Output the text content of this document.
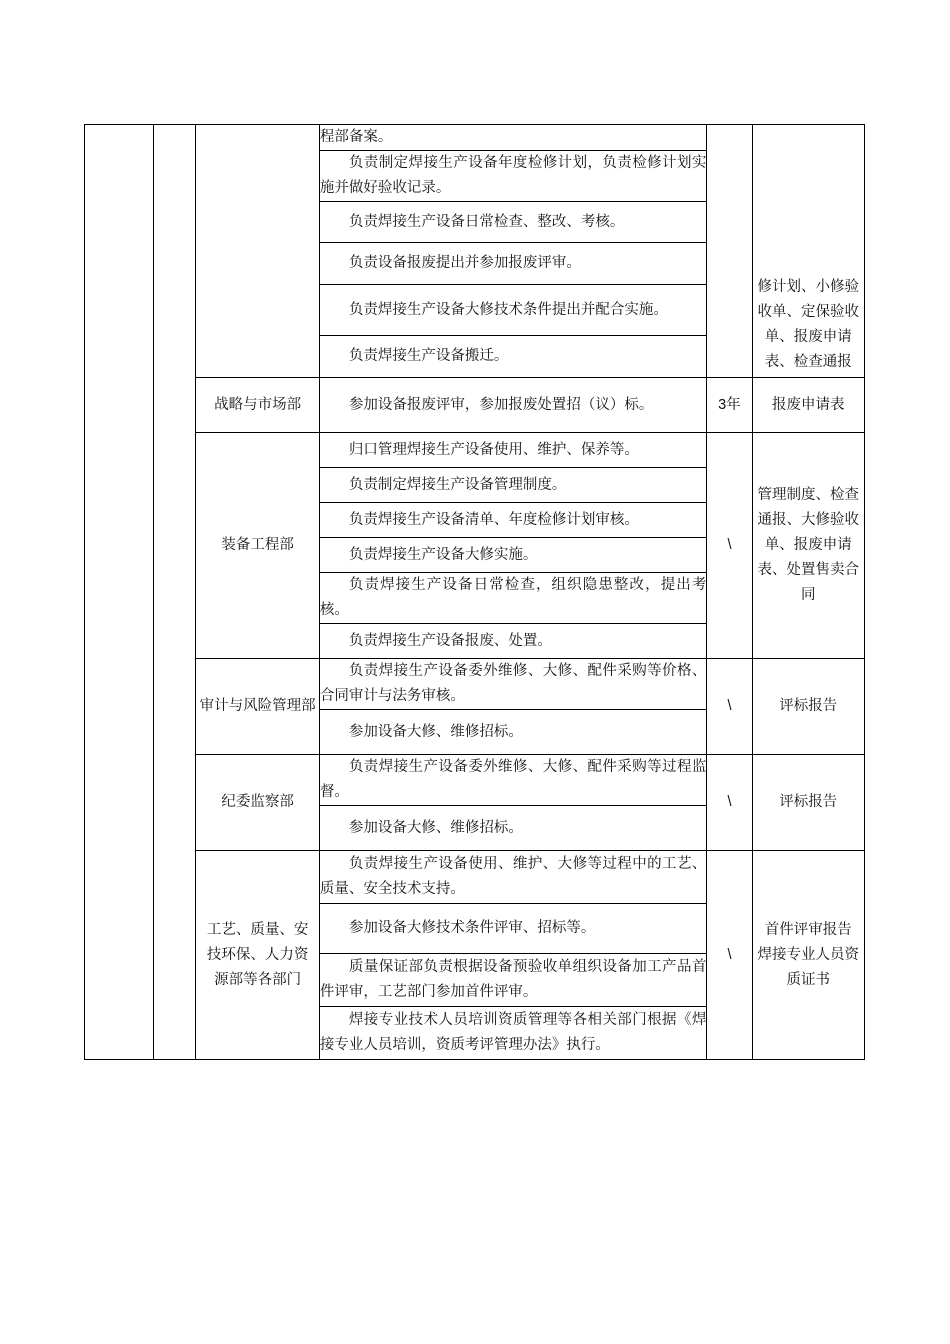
			程部备案。		修计划、小修验收单、定保验收单、报废申请表、检查通报

			负责制定焊接生产设备年度检修计划，负责检修计划实施并做好验收记录。		

			负责焊接生产设备日常检查、整改、考核。		

			负责设备报废提出并参加报废评审。		

			负责焊接生产设备大修技术条件提出并配合实施。		

			负责焊接生产设备搬迁。		

		战略与市场部	参加设备报废评审，参加报废处置招（议）标。	3年	报废申请表
		装备工程部	归口管理焊接生产设备使用、维护、保养等。	\	管理制度、检查通报、大修验收单、报废申请表、处置售卖合同

			负责制定焊接生产设备管理制度。		

			负责焊接生产设备清单、年度检修计划审核。		

			负责焊接生产设备大修实施。		

			负责焊接生产设备日常检查，组织隐患整改，提出考核。		

			负责焊接生产设备报废、处置。		

		审计与风险管理部	负责焊接生产设备委外维修、大修、配件采购等价格、合同审计与法务审核。	\	评标报告

			参加设备大修、维修招标。		

		纪委监察部	负责焊接生产设备委外维修、大修、配件采购等过程监督。	\	评标报告

			参加设备大修、维修招标。		

		工艺、质量、安技环保、人力资源部等各部门	负责焊接生产设备使用、维护、大修等过程中的工艺、质量、安全技术支持。	\	首件评审报告
焊接专业人员资质证书

			参加设备大修技术条件评审、招标等。		

			质量保证部负责根据设备预验收单组织设备加工产品首件评审，工艺部门参加首件评审。		

			焊接专业技术人员培训资质管理等各相关部门根据《焊接专业人员培训，资质考评管理办法》执行。		
